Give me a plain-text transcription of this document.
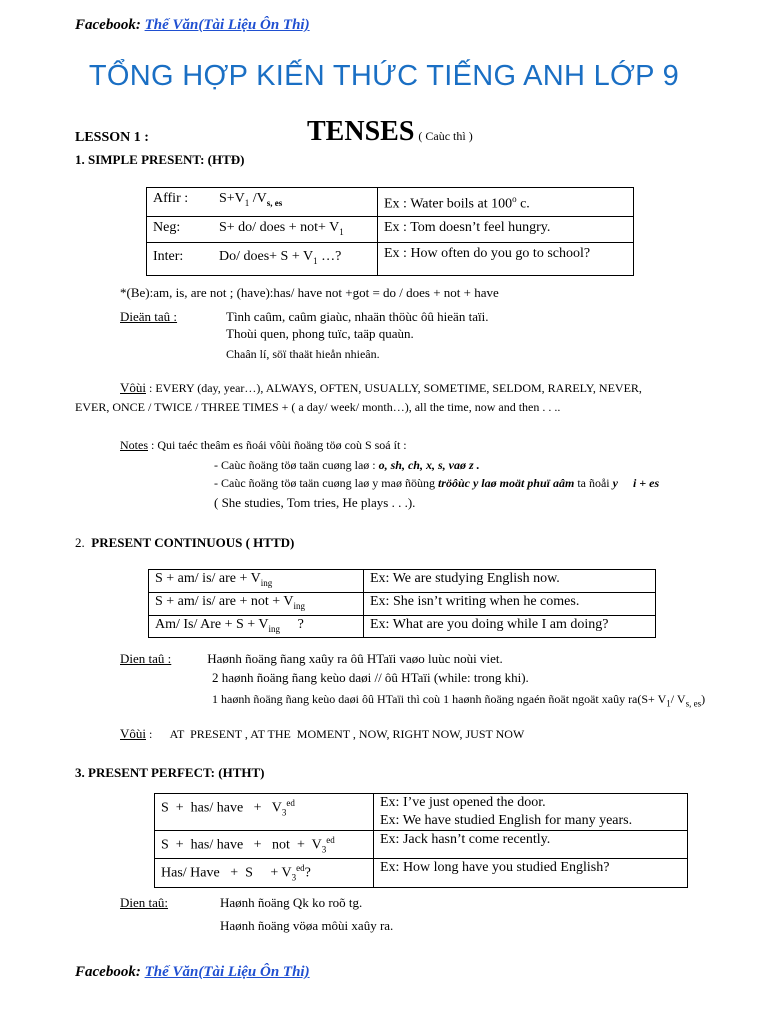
Facebook: Thế Văn(Tài Liệu Ôn Thi)
TỔNG HỢP KIẾN THỨC TIẾNG ANH LỚP 9
LESSON 1 :	TENSES ( Caùc thì )
1. SIMPLE PRESENT: (HTĐ)
Affir : $S+V_1$ $/V_{s, es}$	Ex : Water boils at 100$^o$ c.
Neg: S+ do/ does + $not+ V_1$	Ex : Tom doesn’t feel hungry.
Inter: Do/ does+ $S + V_1$ …?	Ex : How often do you go to school?
*(Be):am, is, are not ; (have):has/ have not +got = do / does + not + have
Dieän taû :	Tình caûm, caûm giaùc, nhaän thöùc ôû hieän taïi.
Thoùi quen, phong tuïc, taäp quaùn.
Chaân lí, söï thaät hieån nhieân.
Vôùi : EVERY (day, year…), ALWAYS, OFTEN, USUALLY, SOMETIME, SELDOM, RARELY, NEVER,
EVER, ONCE / TWICE / THREE TIMES + ( a day/ week/ month…), all the time, now and then . . ..
Notes : Qui taéc theâm es ñoái vôùi ñoäng töø coù S soá ít :
- Caùc ñoäng töø taän cuøng laø : o, sh, ch, x, s, vaø z .
- Caùc ñoäng töø taän cuøng laø y maø ñöùng tröôùc y laø moät phuï aâm ta ñoåi y i + es
( She studies, Tom tries, He plays . . .).
2. PRESENT CONTINUOUS ( HTTD)
S + am/ is/ are + $V_{ing}$	Ex: We are studying English now.
S + am/ is/ are + not + $V_{ing}$	Ex: She isn’t writing when he comes.
Am/ Is/ Are + $S + V_{ing}$     ?	Ex: What are you doing while I am doing?
Dien taû :	Haønh ñoäng ñang xaûy ra ôû HTaïi vaøo luùc noùi viet.
2 haønh ñoäng ñang keùo daøi // ôû HTaïi (while: trong khi).
1 haønh ñoäng ñang keùo daøi ôû HTaïi thì coù 1 haønh ñoäng ngaén ñoät ngoät xaûy $ra(S+ V_1/$ $V_{s, es}$)
Vôùi :      AT  PRESENT , AT THE  MOMENT , NOW, RIGHT NOW, JUST NOW
3. PRESENT PERFECT: (HTHT)
S  +  has/ have   +   $V_3^{ed}$	Ex: I’ve just opened the door.
Ex: We have studied English for many years.

S  +  has/ have   +   not  +  $V_3^{ed}$	Ex: Jack hasn’t come recently.
Has/ Have   +  S     + $V_3^{ed}$?	Ex: How long have you studied English?
Dien taû:	Haønh ñoäng Qk ko roõ tg.
Haønh ñoäng vöøa môùi xaûy ra.
Facebook: Thế Văn(Tài Liệu Ôn Thi)
